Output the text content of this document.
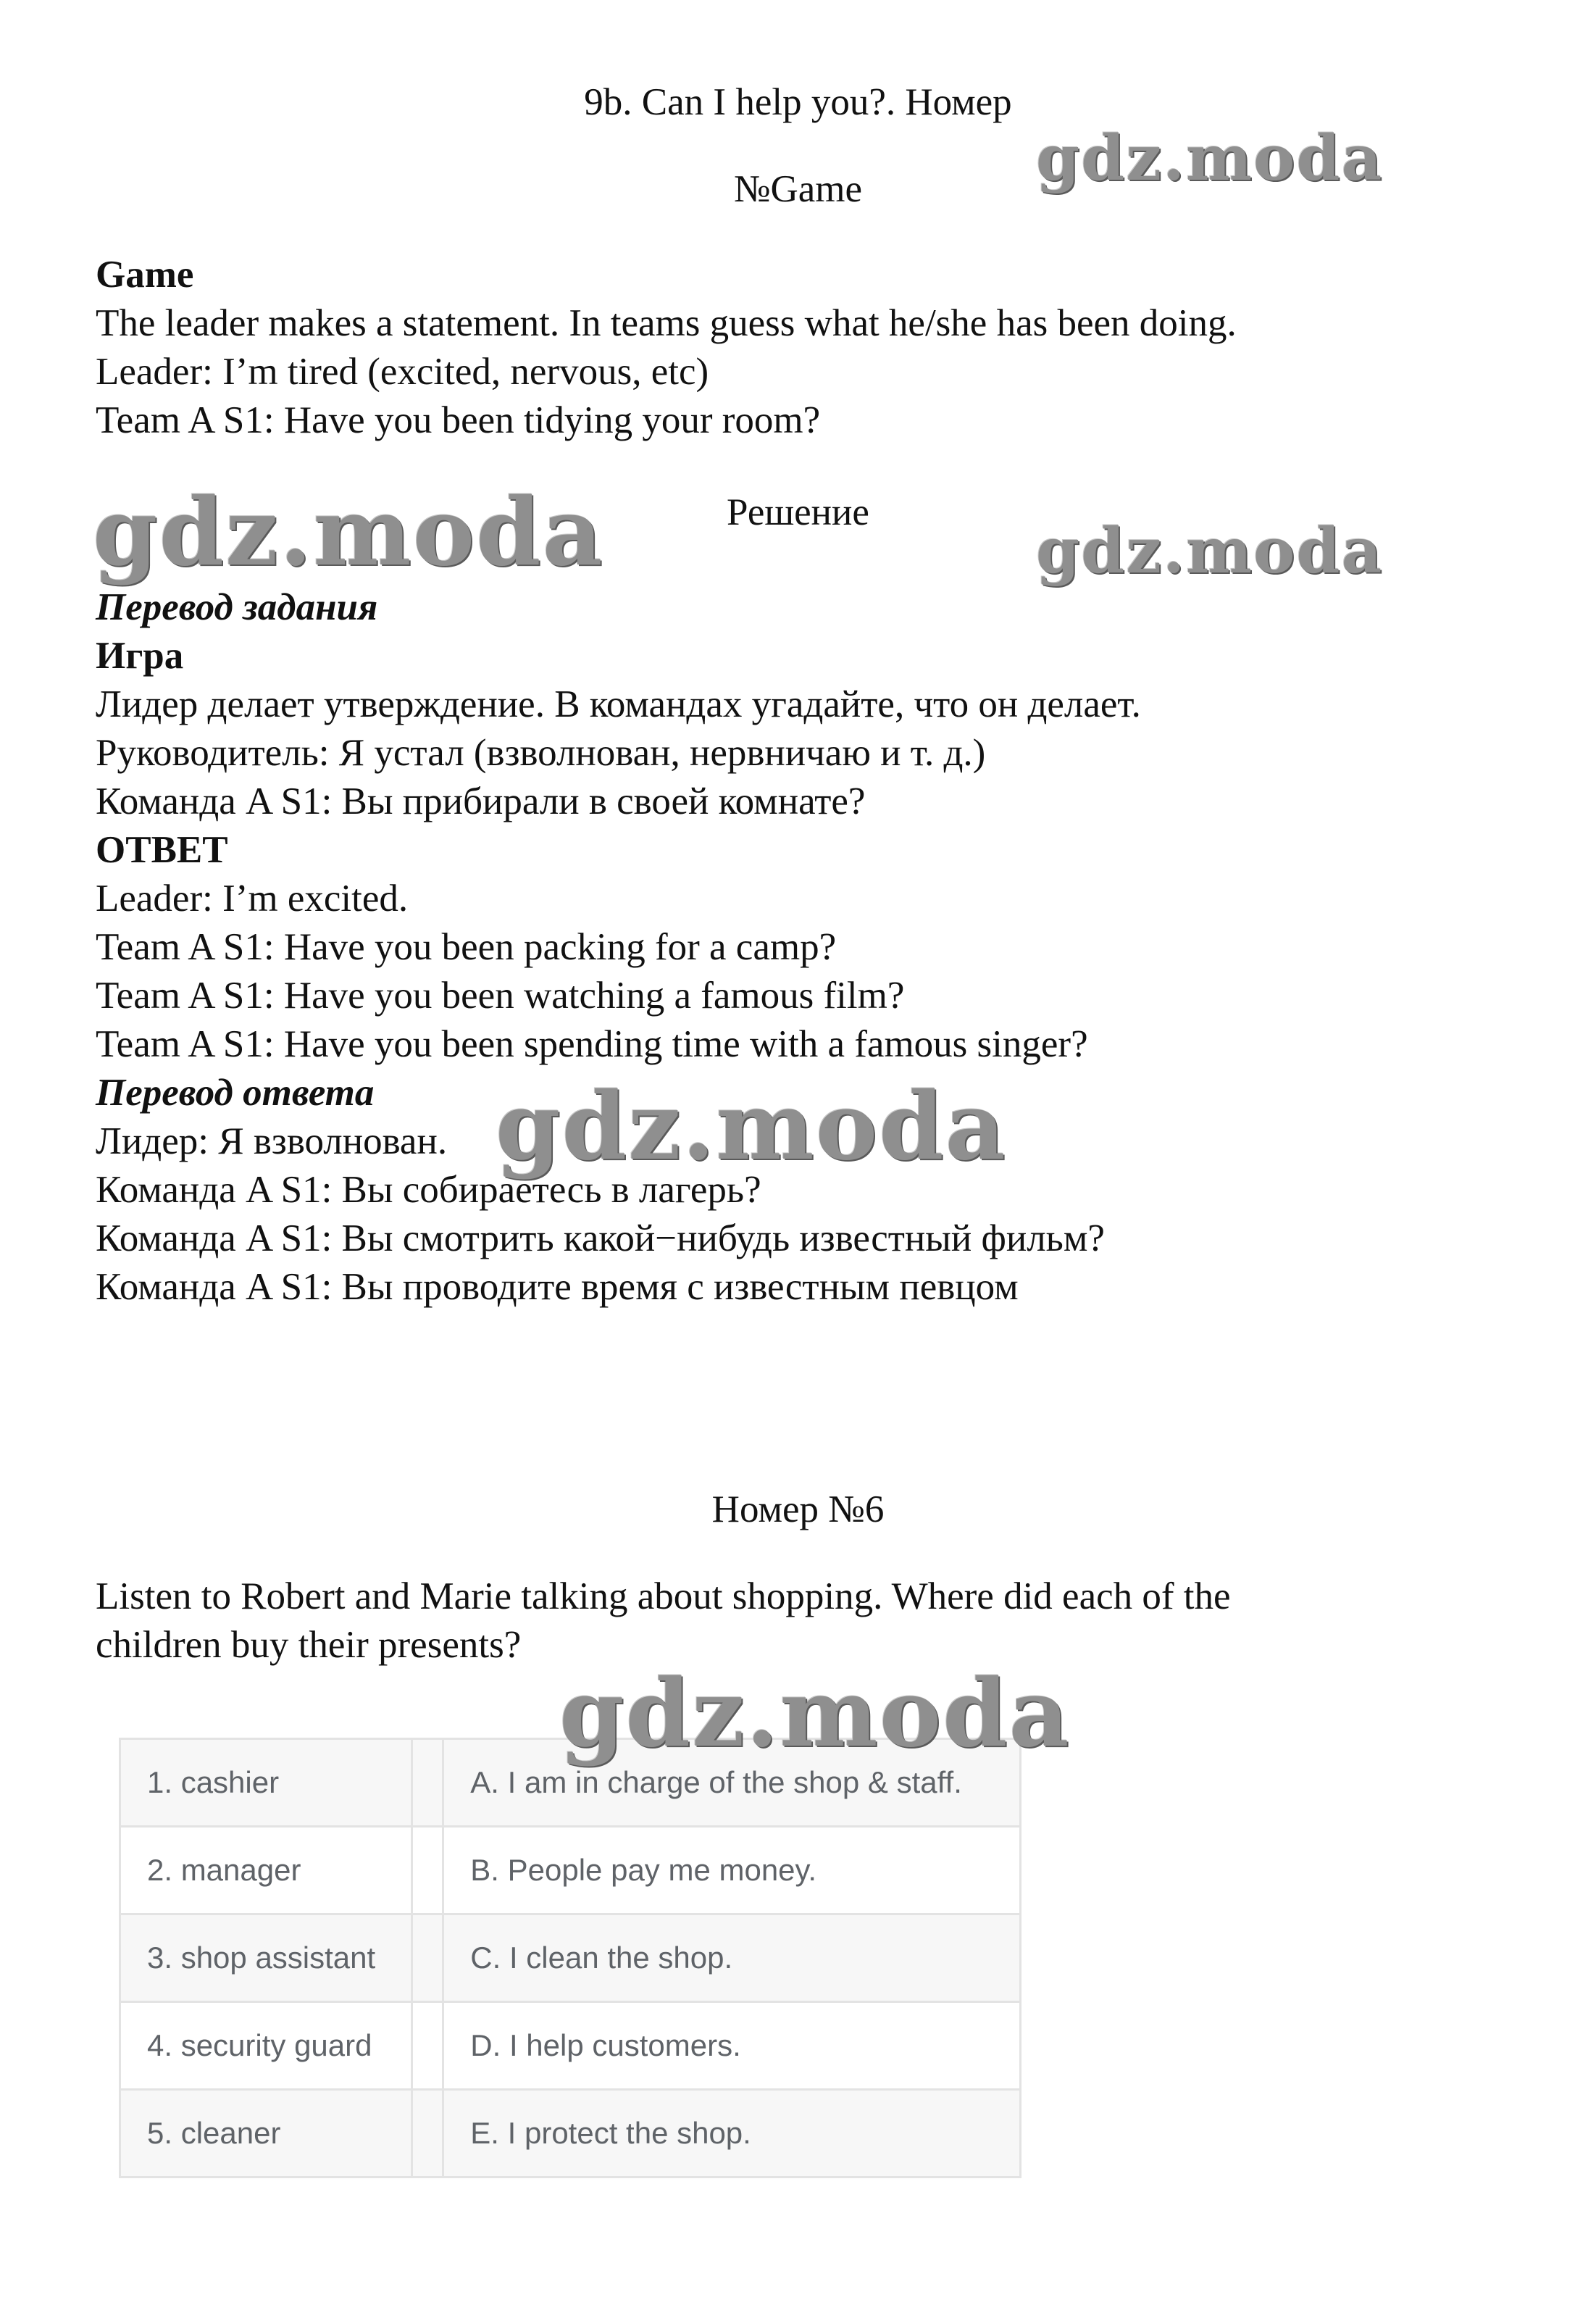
9b. Can I help you?. Номер
№Game
Game
The leader makes a statement. In teams guess what he/she has been doing.
Leader: I’m tired (excited, nervous, etc)
Team A S1: Have you been tidying your room?
Решение
Перевод задания
Игра
Лидер делает утверждение. В командах угадайте, что он делает.
Руководитель: Я устал (взволнован, нервничаю и т. д.)
Команда A S1: Вы прибирали в своей комнате?
ОТВЕТ
Leader: I’m excited.
Team A S1: Have you been packing for a camp?
Team A S1: Have you been watching a famous film?
Team A S1: Have you been spending time with a famous singer?
Перевод ответа
Лидер: Я взволнован.
Команда A S1: Вы собираетесь в лагерь?
Команда A S1: Вы смотрить какой−нибудь известный фильм?
Команда A S1: Вы проводите время с известным певцом
Номер №6
Listen to Robert and Marie talking about shopping. Where did each of the
children buy their presents?
1. cashier		A. I am in charge of the shop & staff.
2. manager		B. People pay me money.
3. shop assistant		C. I clean the shop.
4. security guard		D. I help customers.
5. cleaner		E. I protect the shop.
gdz.moda
gdz.moda	gdz.moda
gdz.moda
gdz.moda
